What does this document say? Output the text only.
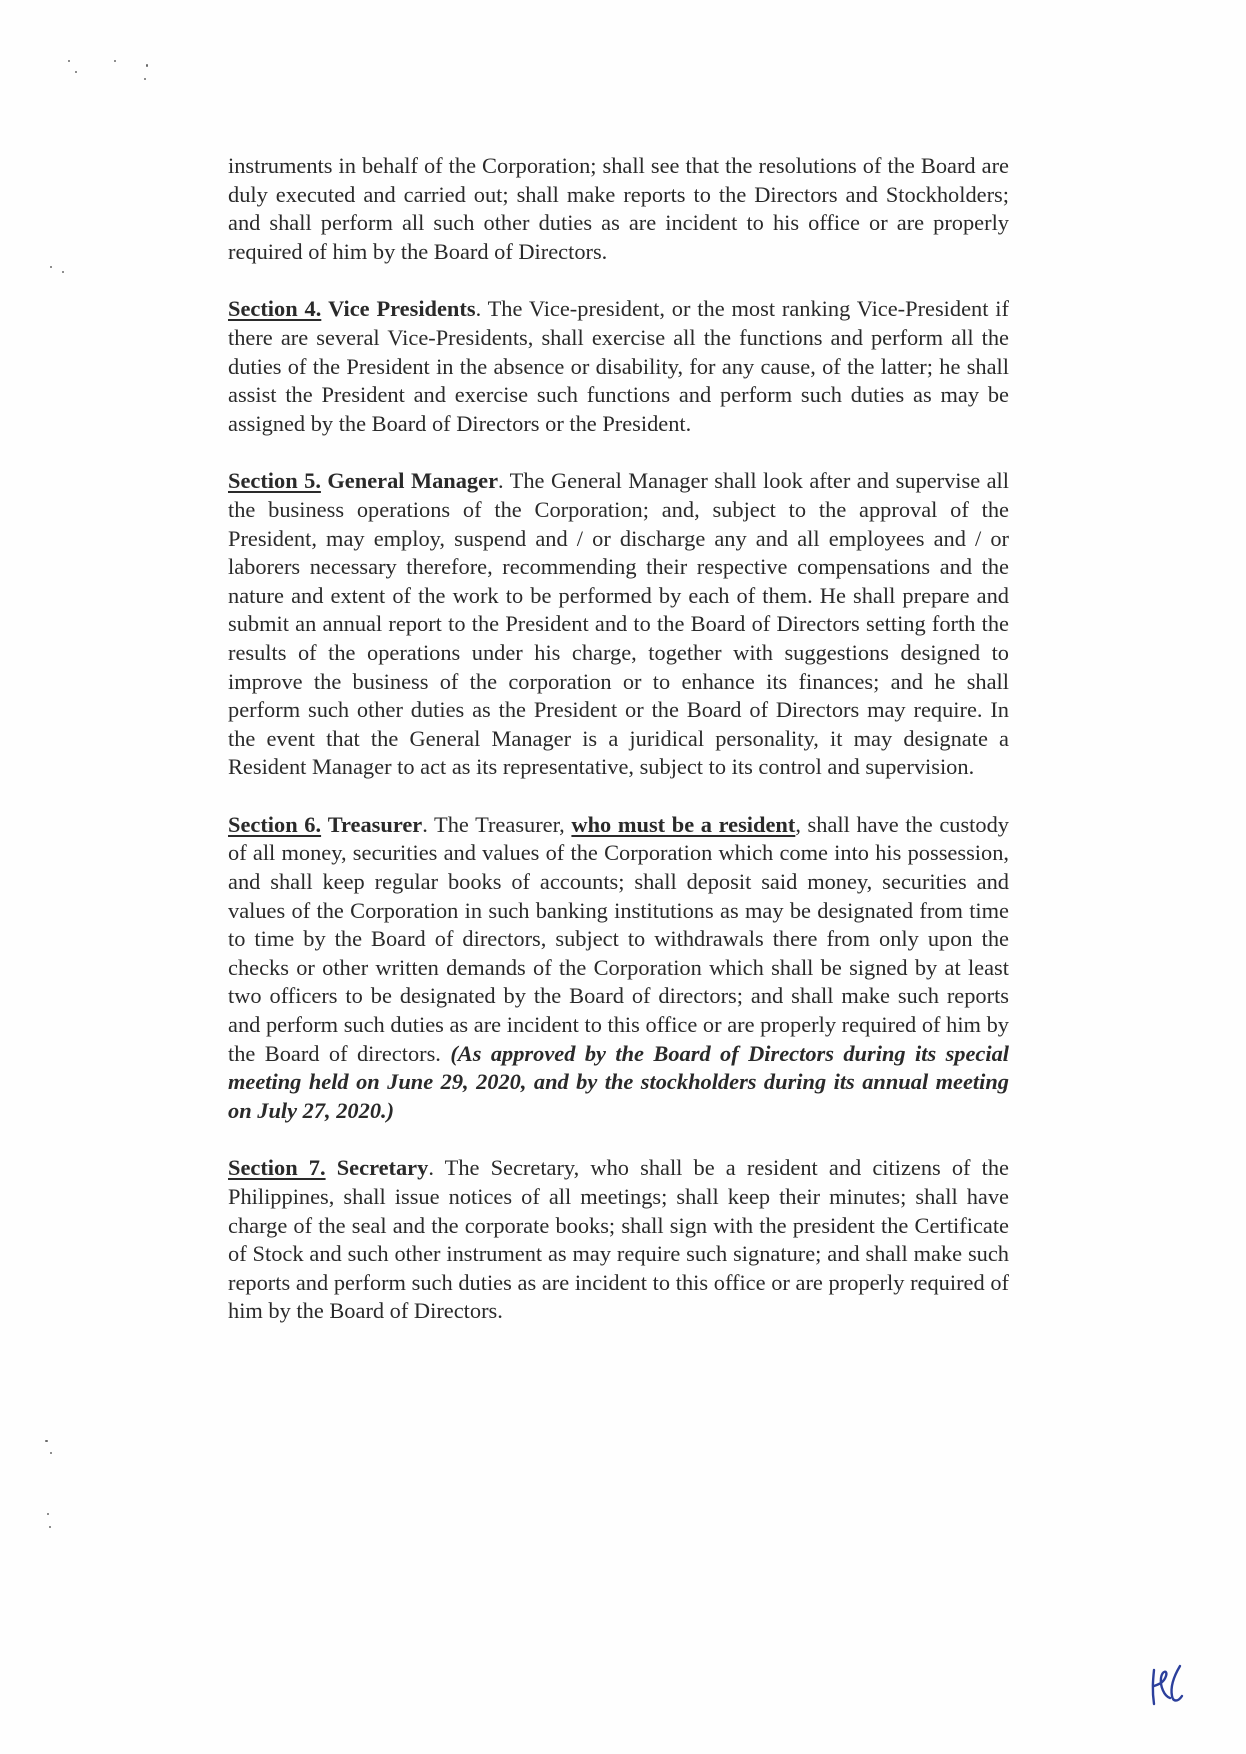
instruments in behalf of the Corporation; shall see that the resolutions of the Board are duly executed and carried out; shall make reports to the Directors and Stockholders; and shall perform all such other duties as are incident to his office or are properly required of him by the Board of Directors.

Section 4. Vice Presidents. The Vice-president, or the most ranking Vice-President if there are several Vice-Presidents, shall exercise all the functions and perform all the duties of the President in the absence or disability, for any cause, of the latter; he shall assist the President and exercise such functions and perform such duties as may be assigned by the Board of Directors or the President.

Section 5. General Manager. The General Manager shall look after and supervise all the business operations of the Corporation; and, subject to the approval of the President, may employ, suspend and / or discharge any and all employees and / or laborers necessary therefore, recommending their respective compensations and the nature and extent of the work to be performed by each of them. He shall prepare and submit an annual report to the President and to the Board of Directors setting forth the results of the operations under his charge, together with suggestions designed to improve the business of the corporation or to enhance its finances; and he shall perform such other duties as the President or the Board of Directors may require. In the event that the General Manager is a juridical personality, it may designate a Resident Manager to act as its representative, subject to its control and supervision.

Section 6. Treasurer. The Treasurer, who must be a resident, shall have the custody of all money, securities and values of the Corporation which come into his possession, and shall keep regular books of accounts; shall deposit said money, securities and values of the Corporation in such banking institutions as may be designated from time to time by the Board of directors, subject to withdrawals there from only upon the checks or other written demands of the Corporation which shall be signed by at least two officers to be designated by the Board of directors; and shall make such reports and perform such duties as are incident to this office or are properly required of him by the Board of directors. (As approved by the Board of Directors during its special meeting held on June 29, 2020, and by the stockholders during its annual meeting on July 27, 2020.)

Section 7. Secretary. The Secretary, who shall be a resident and citizens of the Philippines, shall issue notices of all meetings; shall keep their minutes; shall have charge of the seal and the corporate books; shall sign with the president the Certificate of Stock and such other instrument as may require such signature; and shall make such reports and perform such duties as are incident to this office or are properly required of him by the Board of Directors.
